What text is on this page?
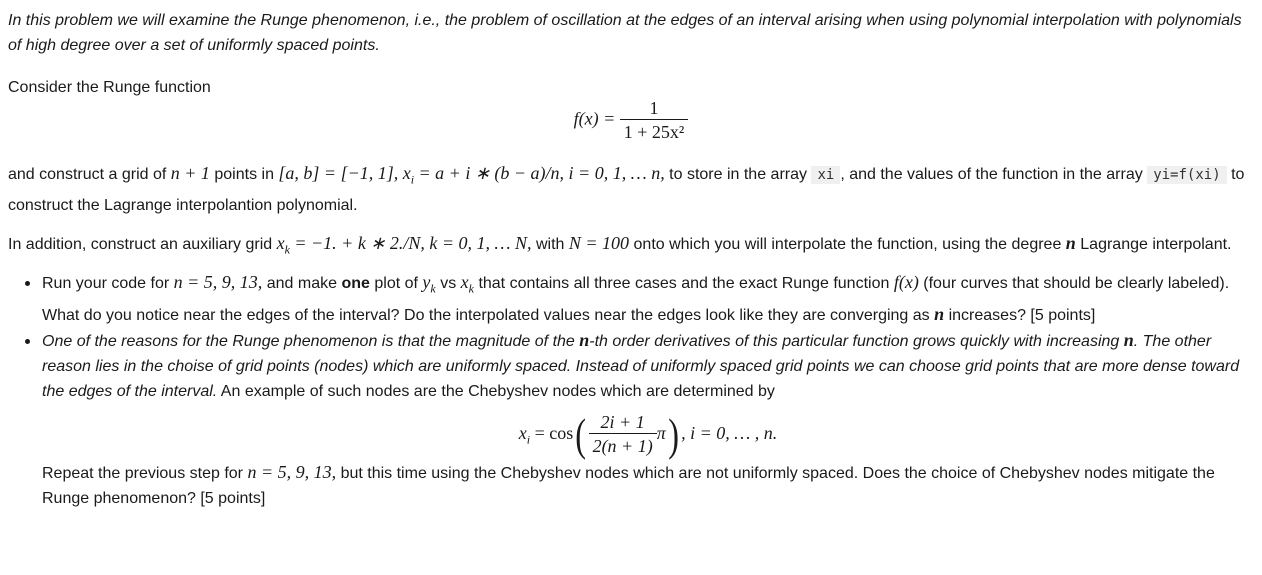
In this problem we will examine the Runge phenomenon, i.e., the problem of oscillation at the edges of an interval arising when using polynomial interpolation with polynomials of high degree over a set of uniformly spaced points.

Consider the Runge function

$f(x) = \frac{1}{\text{1 + 25x²}}$

and construct a grid of n + 1 points in [a, b] = [−1, 1], $x_i = a + i$ ∗ (b − a)/n, i = 0, 1, … n, to store in the array xi , and the values of the function in the array yi=f(xi) to construct the Lagrange interpolantion polynomial.

In addition, construct an auxiliary grid $x_k = -1$. + k ∗ 2./N, k = 0, 1, … N, with N = 100 onto which you will interpolate the function, using the degree n Lagrange interpolant.

• Run your code for n = 5, 9, 13, and make one plot of $y_k$ vs $x_k$ that contains all three cases and the exact Runge function f(x) (four curves that should be clearly labeled). What do you notice near the edges of the interval? Do the interpolated values near the edges look like they are converging as n increases? [5 points]
• One of the reasons for the Runge phenomenon is that the magnitude of the n-th order derivatives of this particular function grows quickly with increasing n. The other reason lies in the choise of grid points (nodes) which are uniformly spaced. Instead of uniformly spaced grid points we can choose grid points that are more dense toward the edges of the interval. An example of such nodes are the Chebyshev nodes which are determined by
$x_i = \cos( \frac{2i + 1}{2(n + 1)} \pi)$ , i = 0, … , n.
Repeat the previous step for n = 5, 9, 13, but this time using the Chebyshev nodes which are not uniformly spaced. Does the choice of Chebyshev nodes mitigate the Runge phenomenon? [5 points]
